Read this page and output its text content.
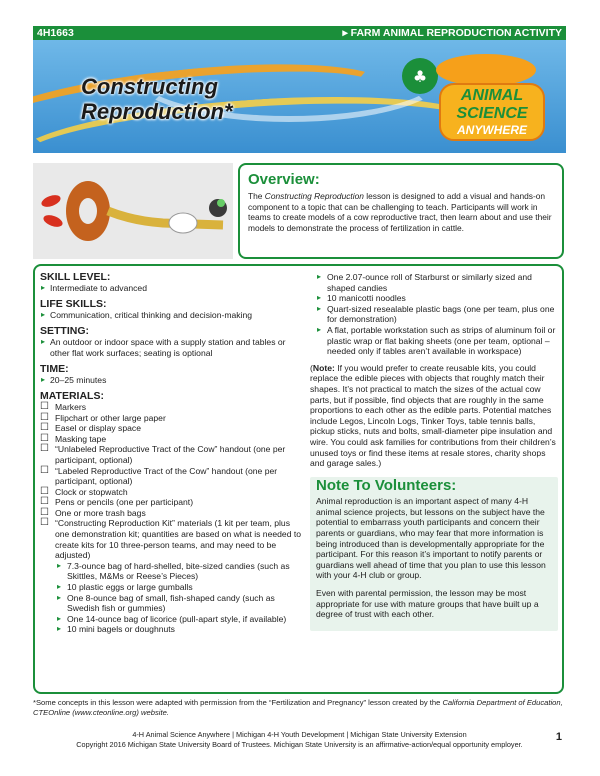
4H1663	▸ FARM ANIMAL REPRODUCTION ACTIVITY
Constructing
Reproduction*
♣
ANIMAL
SCIENCE
ANYWHERE
Overview:

The Constructing Reproduction lesson is designed to add a visual and hands-on component to a topic that can be challenging to teach. Participants will work in teams to create models of a cow reproductive tract, then learn about and use their models to demonstrate the process of fertilization in cattle.

SKILL LEVEL:
▸ Intermediate to advanced
LIFE SKILLS:
▸ Communication, critical thinking and decision-making
SETTING:
▸ An outdoor or indoor space with a supply station and tables or other flat work surfaces; seating is optional
TIME:
▸ 20–25 minutes
MATERIALS:
☐ Markers
☐ Flipchart or other large paper
☐ Easel or display space
☐ Masking tape
☐ “Unlabeled Reproductive Tract of the Cow” handout (one per participant, optional)
☐ “Labeled Reproductive Tract of the Cow” handout (one per participant, optional)
☐ Clock or stopwatch
☐ Pens or pencils (one per participant)
☐ One or more trash bags
☐ “Constructing Reproduction Kit” materials (1 kit per team, plus one demonstration kit; quantities are based on what is needed to create kits for 10 three-person teams, and may need to be adjusted)
▸ 7.3-ounce bag of hard-shelled, bite-sized candies (such as Skittles, M&Ms or Reese’s Pieces)
▸ 10 plastic eggs or large gumballs
▸ One 8-ounce bag of small, fish-shaped candy (such as Swedish fish or gummies)
▸ One 14-ounce bag of licorice (pull-apart style, if available)
▸ 10 mini bagels or doughnuts
▸ One 2.07-ounce roll of Starburst or similarly sized and shaped candies
▸ 10 manicotti noodles
▸ Quart-sized resealable plastic bags (one per team, plus one for demonstration)
▸ A flat, portable workstation such as strips of aluminum foil or plastic wrap or flat baking sheets (one per team, optional – needed only if tables aren’t available in workspace)
(Note: If you would prefer to create reusable kits, you could replace the edible pieces with objects that roughly match their shapes. It’s not practical to match the sizes of the actual cow parts, but if possible, find objects that are roughly in the same proportions to each other as the edible parts. Potential matches include Legos, Lincoln Logs, Tinker Toys, table tennis balls, pickup sticks, nuts and bolts, small-diameter pipe insulation and wire. You could ask families for contributions from their children’s unused toys or find these items at resale stores, charity shops and garage sales.)
Note To Volunteers:

Animal reproduction is an important aspect of many 4-H animal science projects, but lessons on the subject have the potential to embarrass youth participants and concern their parents or guardians, who may fear that more information is being introduced than is developmentally appropriate for the participant. For this reason it’s important to notify parents or guardians well ahead of time that you plan to use this lesson with your 4-H club or group.

Even with parental permission, the lesson may be most appropriate for use with mature groups that have built up a degree of trust with each other.

*Some concepts in this lesson were adapted with permission from the “Fertilization and Pregnancy” lesson created by the California Department of Education, CTEOnline (www.cteonline.org) website.
4-H Animal Science Anywhere | Michigan 4-H Youth Development | Michigan State University Extension
Copyright 2016 Michigan State University Board of Trustees. Michigan State University is an affirmative-action/equal opportunity employer.
1
